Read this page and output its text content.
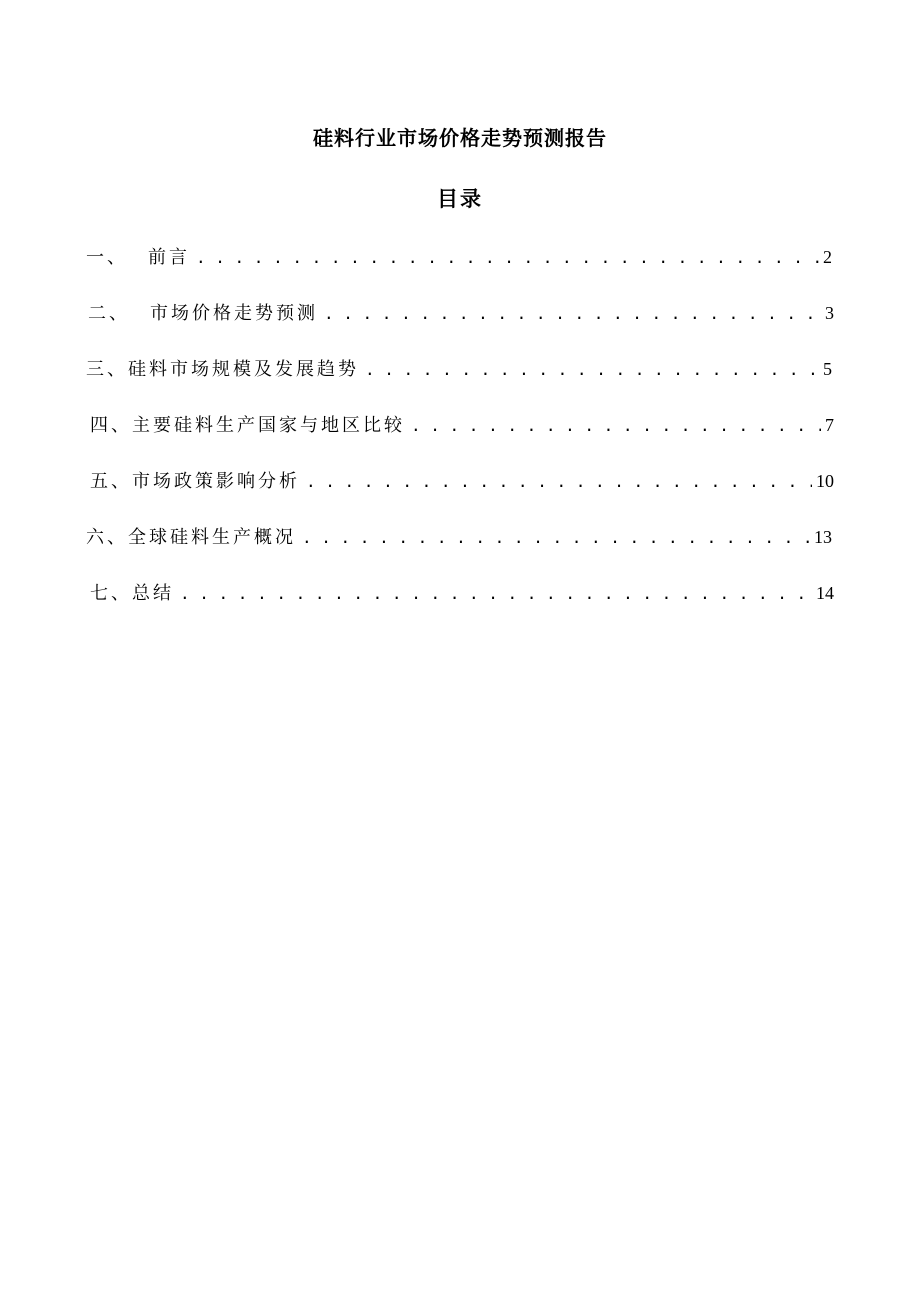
硅料行业市场价格走势预测报告
目录
一、 前言 . . .	2
二、 市场价格走势预测 . . .	3
三、 硅料市场规模及发展趋势 . . .	5
四、 主要硅料生产国家与地区比较 . . .	7
五、 市场政策影响分析 . . .	10
六、 全球硅料生产概况 . . .	13
七、 总结 . . .	14
